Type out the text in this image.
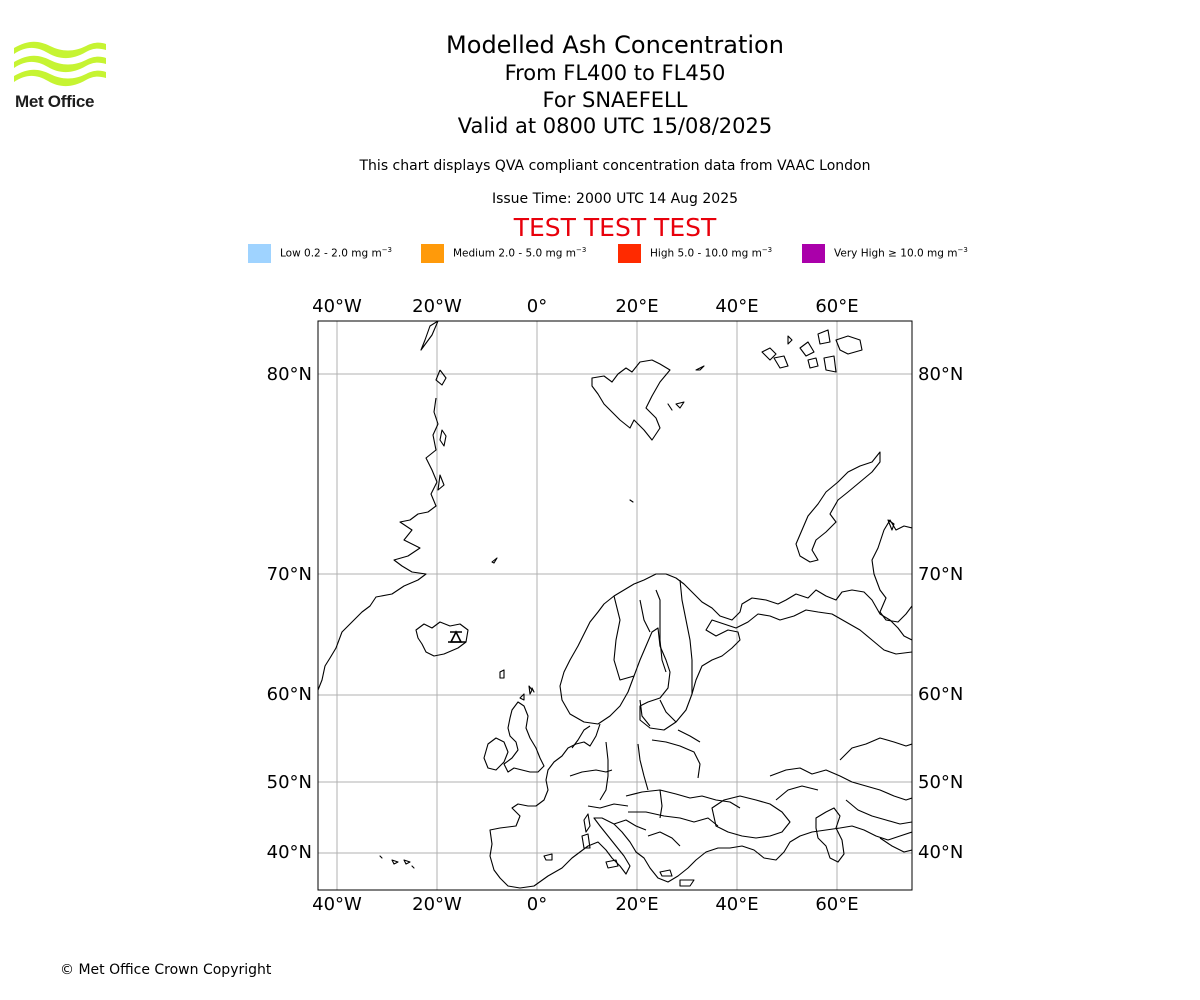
Met Office
Modelled Ash Concentration
From FL400 to FL450
For SNAEFELL
Valid at 0800 UTC 15/08/2025
This chart displays QVA compliant concentration data from VAAC London
Issue Time: 2000 UTC 14 Aug 2025
TEST TEST TEST
Low 0.2 - 2.0 mg $m^{-3}$	Medium 2.0 - 5.0 mg $m^{-3}$	High 5.0 - 10.0 mg $m^{-3}$	Very High ≥ 10.0 mg $m^{-3}$
40°W	20°W	0°	20°E	40°E	60°E
40°W	20°W	0°	20°E	40°E	60°E
80°N
70°N
60°N
50°N
40°N
80°N
70°N
60°N
50°N
40°N
© Met Office Crown Copyright
